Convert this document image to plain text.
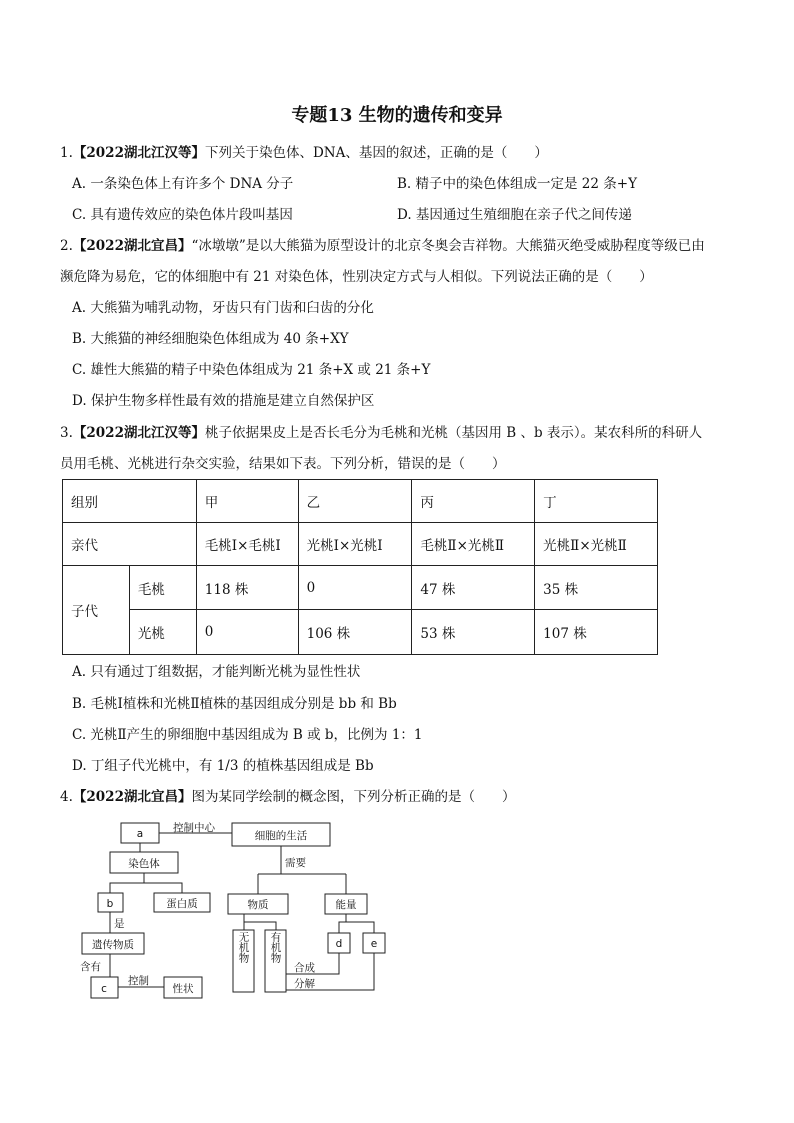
专题13 生物的遗传和变异
1.【2022湖北江汉等】下列关于染色体、DNA、基因的叙述，正确的是（　　）
A. 一条染色体上有许多个 DNA 分子	B. 精子中的染色体组成一定是 22 条+Y
C. 具有遗传效应的染色体片段叫基因	D. 基因通过生殖细胞在亲子代之间传递
2.【2022湖北宜昌】“冰墩墩”是以大熊猫为原型设计的北京冬奥会吉祥物。大熊猫灭绝受威胁程度等级已由
濒危降为易危，它的体细胞中有 21 对染色体，性别决定方式与人相似。下列说法正确的是（　　）
A. 大熊猫为哺乳动物，牙齿只有门齿和臼齿的分化
B. 大熊猫的神经细胞染色体组成为 40 条+XY
C. 雄性大熊猫的精子中染色体组成为 21 条+X 或 21 条+Y
D. 保护生物多样性最有效的措施是建立自然保护区
3.【2022湖北江汉等】桃子依据果皮上是否长毛分为毛桃和光桃（基因用 B 、b 表示）。某农科所的科研人
员用毛桃、光桃进行杂交实验，结果如下表。下列分析，错误的是（　　）
组别		甲	乙	丙	丁
亲代		毛桃Ⅰ×毛桃Ⅰ	光桃Ⅰ×光桃Ⅰ	毛桃Ⅱ×光桃Ⅱ	光桃Ⅱ×光桃Ⅱ
子代	毛桃	118 株	0	47 株	35 株
	光桃	0	106 株	53 株	107 株
A. 只有通过丁组数据，才能判断光桃为显性性状
B. 毛桃Ⅰ植株和光桃Ⅱ植株的基因组成分别是 bb 和 Bb
C. 光桃Ⅱ产生的卵细胞中基因组成为 B 或 b，比例为 1：1
D. 丁组子代光桃中，有 1/3 的植株基因组成是 Bb
4.【2022湖北宜昌】图为某同学绘制的概念图，下列分析正确的是（　　）
a	控制中心
细胞的生活
染色体	需要
b	蛋白质	物质	能量
是
遗传物质	无机物 有机物	d	e
含有	合成
c
控制
性状	分解
